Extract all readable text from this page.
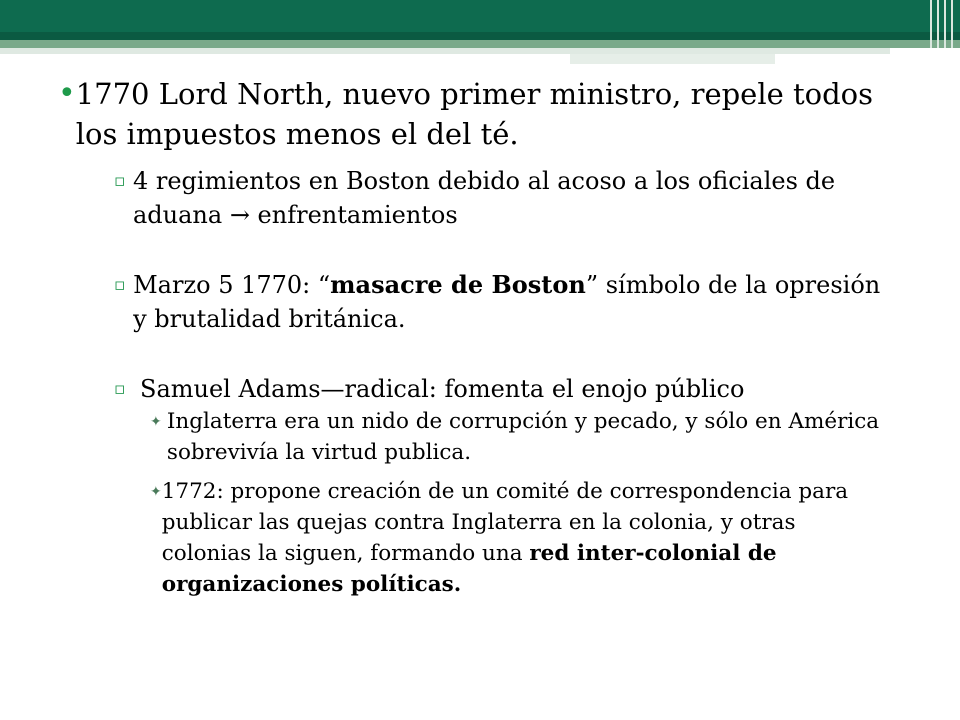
• 1770 Lord North, nuevo primer ministro, repele todos los impuestos menos el del té.
▫ 4 regimientos en Boston debido al acoso a los oficiales de aduana → enfrentamientos
▫ Marzo 5 1770: “masacre de Boston” símbolo de la opresión y brutalidad británica.
▫ Samuel Adams—radical: fomenta el enojo público
✦ Inglaterra era un nido de corrupción y pecado, y sólo en América sobrevivía la virtud publica.
✦ 1772: propone creación de un comité de correspondencia para publicar las quejas contra Inglaterra en la colonia, y otras colonias la siguen, formando una red inter-colonial de organizaciones políticas.
